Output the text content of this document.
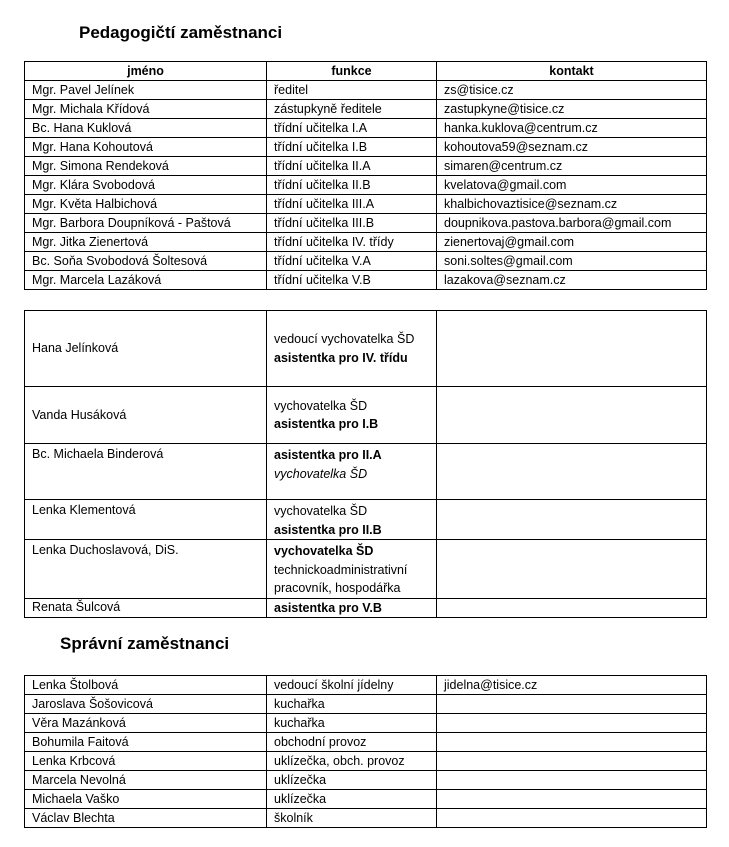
Pedagogičtí zaměstnanci
jméno	funkce	kontakt
Mgr. Pavel Jelínek	ředitel	zs@tisice.cz
Mgr. Michala Křídová	zástupkyně ředitele	zastupkyne@tisice.cz
Bc. Hana Kuklová	třídní učitelka I.A	hanka.kuklova@centrum.cz
Mgr. Hana Kohoutová	třídní učitelka I.B	kohoutova59@seznam.cz
Mgr. Simona Rendeková	třídní učitelka II.A	simaren@centrum.cz
Mgr. Klára Svobodová	třídní učitelka II.B	kvelatova@gmail.com
Mgr. Květa Halbichová	třídní učitelka III.A	khalbichovaztisice@seznam.cz
Mgr. Barbora Doupníková - Paštová	třídní učitelka III.B	doupnikova.pastova.barbora@gmail.com
Mgr. Jitka Zienertová	třídní učitelka IV. třídy	zienertovaj@gmail.com
Bc. Soňa Svobodová Šoltesová	třídní učitelka V.A	soni.soltes@gmail.com
Mgr. Marcela Lazáková	třídní učitelka V.B	lazakova@seznam.cz
Hana Jelínková	vedoucí vychovatelka ŠD
asistentka pro IV. třídu	

Vanda Husáková	vychovatelka ŠD
asistentka pro I.B	

Bc. Michaela Binderová	asistentka pro II.A
vychovatelka ŠD	

Lenka Klementová	vychovatelka ŠD
asistentka pro II.B	

Lenka Duchoslavová, DiS.	vychovatelka ŠD
technickoadministrativní
pracovník, hospodářka	

Renata Šulcová	asistentka pro V.B	

Správní zaměstnanci
Lenka Štolbová	vedoucí školní jídelny	jidelna@tisice.cz
Jaroslava Šošovicová	kuchařka	
Věra Mazánková	kuchařka	
Bohumila Faitová	obchodní provoz	
Lenka Krbcová	uklízečka, obch. provoz	
Marcela Nevolná	uklízečka	
Michaela Vaško	uklízečka	
Václav Blechta	školník	
